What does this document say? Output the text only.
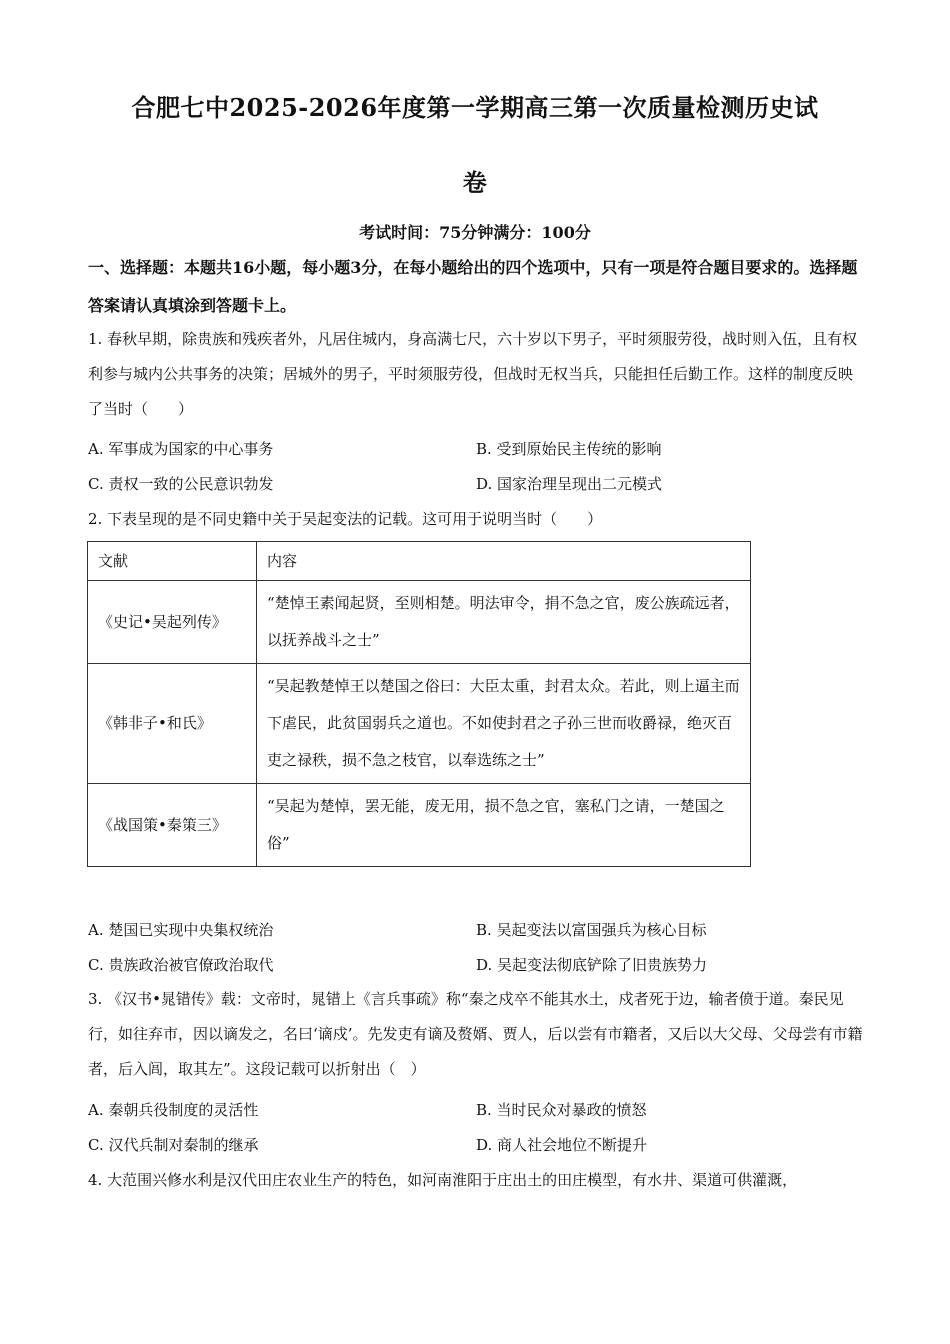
合肥七中2025-2026年度第一学期高三第一次质量检测历史试
卷
考试时间：75分钟满分：100分
一、选择题：本题共16小题，每小题3分，在每小题给出的四个选项中，只有一项是符合题目要求的。选择题答案请认真填涂到答题卡上。
1. 春秋早期，除贵族和残疾者外，凡居住城内，身高满七尺，六十岁以下男子，平时须服劳役，战时则入伍，且有权利参与城内公共事务的决策；居城外的男子，平时须服劳役，但战时无权当兵，只能担任后勤工作。这样的制度反映了当时（　　）
A. 军事成为国家的中心事务	B. 受到原始民主传统的影响
C. 责权一致的公民意识勃发	D. 国家治理呈现出二元模式
2. 下表呈现的是不同史籍中关于吴起变法的记载。这可用于说明当时（　　）
文献	内容
《史记•吴起列传》	“楚悼王素闻起贤，至则相楚。明法审令，捐不急之官，废公族疏远者，以抚养战斗之士”
《韩非子•和氏》	“吴起教楚悼王以楚国之俗曰：大臣太重，封君太众。若此，则上逼主而下虐民，此贫国弱兵之道也。不如使封君之子孙三世而收爵禄，绝灭百吏之禄秩，损不急之枝官，以奉选练之士”
《战国策•秦策三》	“吴起为楚悼，罢无能，废无用，损不急之官，塞私门之请，一楚国之俗”
A. 楚国已实现中央集权统治	B. 吴起变法以富国强兵为核心目标
C. 贵族政治被官僚政治取代	D. 吴起变法彻底铲除了旧贵族势力
3. 《汉书•晁错传》载：文帝时，晁错上《言兵事疏》称“秦之戍卒不能其水土，戍者死于边，输者偾于道。秦民见行，如往弃市，因以谪发之，名曰‘谪戍’。先发吏有谪及赘婿、贾人，后以尝有市籍者，又后以大父母、父母尝有市籍者，后入闾，取其左”。这段记载可以折射出（　）
A. 秦朝兵役制度的灵活性	B. 当时民众对暴政的愤怒
C. 汉代兵制对秦制的继承	D. 商人社会地位不断提升
4. 大范围兴修水利是汉代田庄农业生产的特色，如河南淮阳于庄出土的田庄模型，有水井、渠道可供灌溉，
